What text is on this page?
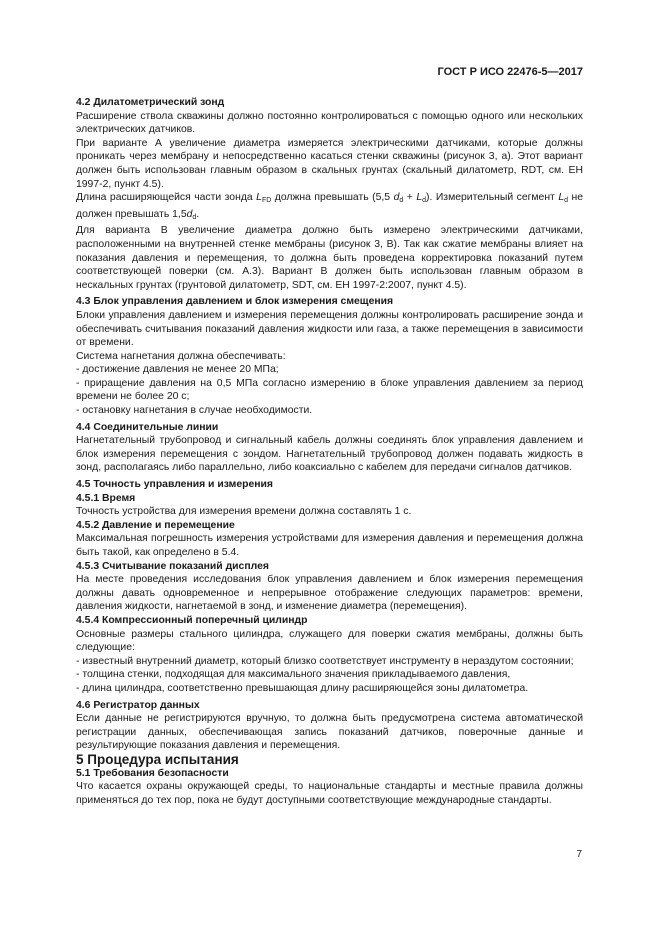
ГОСТ Р ИСО 22476-5—2017

4.2 Дилатометрический зонд

Расширение ствола скважины должно постоянно контролироваться с помощью одного или нескольких электрических датчиков.

При варианте А увеличение диаметра измеряется электрическими датчиками, которые должны проникать через мембрану и непосредственно касаться стенки скважины (рисунок 3, a). Этот вариант должен быть использован главным образом в скальных грунтах (скальный дилатометр, RDT, см. ЕН 1997-2, пункт 4.5).

Длина расширяющейся части зонда $L_{FD}$ должна превышать (5,5 $d_d + L_d$). Измерительный сегмент $L_d$ не должен превышать $1,5d_d$.

Для варианта В увеличение диаметра должно быть измерено электрическими датчиками, расположенными на внутренней стенке мембраны (рисунок 3, B). Так как сжатие мембраны влияет на показания давления и перемещения, то должна быть проведена корректировка показаний путем соответствующей поверки (см. А.3). Вариант В должен быть использован главным образом в нескальных грунтах (грунтовой дилатометр, SDT, см. ЕН 1997-2:2007, пункт 4.5).

4.3 Блок управления давлением и блок измерения смещения

Блоки управления давлением и измерения перемещения должны контролировать расширение зонда и обеспечивать считывания показаний давления жидкости или газа, а также перемещения в зависимости от времени.

Система нагнетания должна обеспечивать:

- достижение давления не менее 20 МПа;

- приращение давления на 0,5 МПа согласно измерению в блоке управления давлением за период времени не более 20 с;

- остановку нагнетания в случае необходимости.

4.4 Соединительные линии

Нагнетательный трубопровод и сигнальный кабель должны соединять блок управления давлением и блок измерения перемещения с зондом. Нагнетательный трубопровод должен подавать жидкость в зонд, располагаясь либо параллельно, либо коаксиально с кабелем для передачи сигналов датчиков.

4.5 Точность управления и измерения

4.5.1 Время

Точность устройства для измерения времени должна составлять 1 с.

4.5.2 Давление и перемещение

Максимальная погрешность измерения устройствами для измерения давления и перемещения должна быть такой, как определено в 5.4.

4.5.3 Считывание показаний дисплея

На месте проведения исследования блок управления давлением и блок измерения перемещения должны давать одновременное и непрерывное отображение следующих параметров: времени, давления жидкости, нагнетаемой в зонд, и изменение диаметра (перемещения).

4.5.4 Компрессионный поперечный цилиндр

Основные размеры стального цилиндра, служащего для поверки сжатия мембраны, должны быть следующие:

- известный внутренний диаметр, который близко соответствует инструменту в нераздутом состоянии;

- толщина стенки, подходящая для максимального значения прикладываемого давления,

- длина цилиндра, соответственно превышающая длину расширяющейся зоны дилатометра.

4.6 Регистратор данных

Если данные не регистрируются вручную, то должна быть предусмотрена система автоматической регистрации данных, обеспечивающая запись показаний датчиков, поверочные данные и результирующие показания давления и перемещения.

5 Процедура испытания

5.1 Требования безопасности

Что касается охраны окружающей среды, то национальные стандарты и местные правила должны применяться до тех пор, пока не будут доступными соответствующие международные стандарты.

7
